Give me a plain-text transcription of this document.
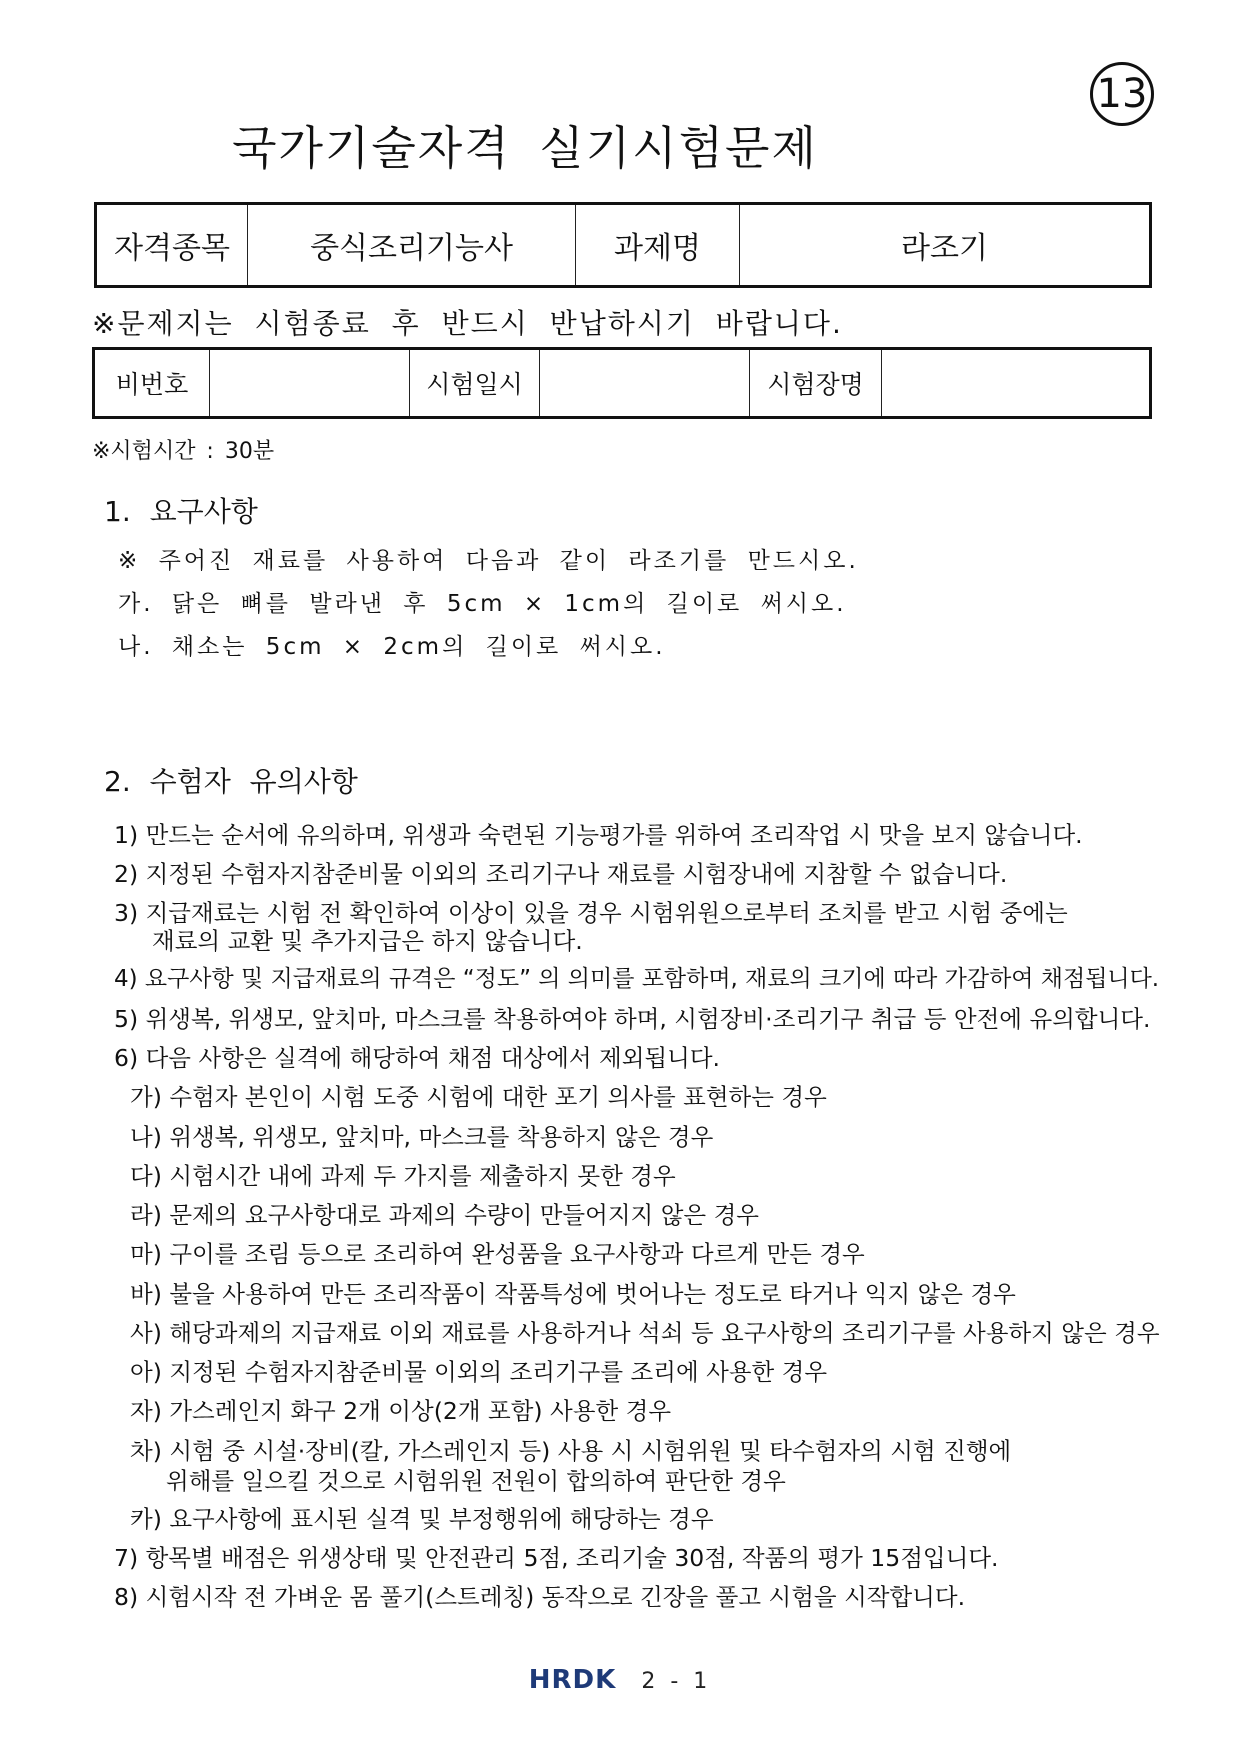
13
국가기술자격 실기시험문제
자격종목	중식조리기능사	과제명	라조기
※문제지는 시험종료 후 반드시 반납하시기 바랍니다.
비번호		시험일시		시험장명	
※시험시간 : 30분
1. 요구사항
※ 주어진 재료를 사용하여 다음과 같이 라조기를 만드시오.
가. 닭은 뼈를 발라낸 후 5cm × 1cm의 길이로 써시오.
나. 채소는 5cm × 2cm의 길이로 써시오.
2. 수험자 유의사항
1) 만드는 순서에 유의하며, 위생과 숙련된 기능평가를 위하여 조리작업 시 맛을 보지 않습니다.
2) 지정된 수험자지참준비물 이외의 조리기구나 재료를 시험장내에 지참할 수 없습니다.
3) 지급재료는 시험 전 확인하여 이상이 있을 경우 시험위원으로부터 조치를 받고 시험 중에는
재료의 교환 및 추가지급은 하지 않습니다.
4) 요구사항 및 지급재료의 규격은 “정도” 의 의미를 포함하며, 재료의 크기에 따라 가감하여 채점됩니다.
5) 위생복, 위생모, 앞치마, 마스크를 착용하여야 하며, 시험장비·조리기구 취급 등 안전에 유의합니다.
6) 다음 사항은 실격에 해당하여 채점 대상에서 제외됩니다.
가) 수험자 본인이 시험 도중 시험에 대한 포기 의사를 표현하는 경우
나) 위생복, 위생모, 앞치마, 마스크를 착용하지 않은 경우
다) 시험시간 내에 과제 두 가지를 제출하지 못한 경우
라) 문제의 요구사항대로 과제의 수량이 만들어지지 않은 경우
마) 구이를 조림 등으로 조리하여 완성품을 요구사항과 다르게 만든 경우
바) 불을 사용하여 만든 조리작품이 작품특성에 벗어나는 정도로 타거나 익지 않은 경우
사) 해당과제의 지급재료 이외 재료를 사용하거나 석쇠 등 요구사항의 조리기구를 사용하지 않은 경우
아) 지정된 수험자지참준비물 이외의 조리기구를 조리에 사용한 경우
자) 가스레인지 화구 2개 이상(2개 포함) 사용한 경우
차) 시험 중 시설·장비(칼, 가스레인지 등) 사용 시 시험위원 및 타수험자의 시험 진행에
위해를 일으킬 것으로 시험위원 전원이 합의하여 판단한 경우
카) 요구사항에 표시된 실격 및 부정행위에 해당하는 경우
7) 항목별 배점은 위생상태 및 안전관리 5점, 조리기술 30점, 작품의 평가 15점입니다.
8) 시험시작 전 가벼운 몸 풀기(스트레칭) 동작으로 긴장을 풀고 시험을 시작합니다.
HRDK 2 - 1
